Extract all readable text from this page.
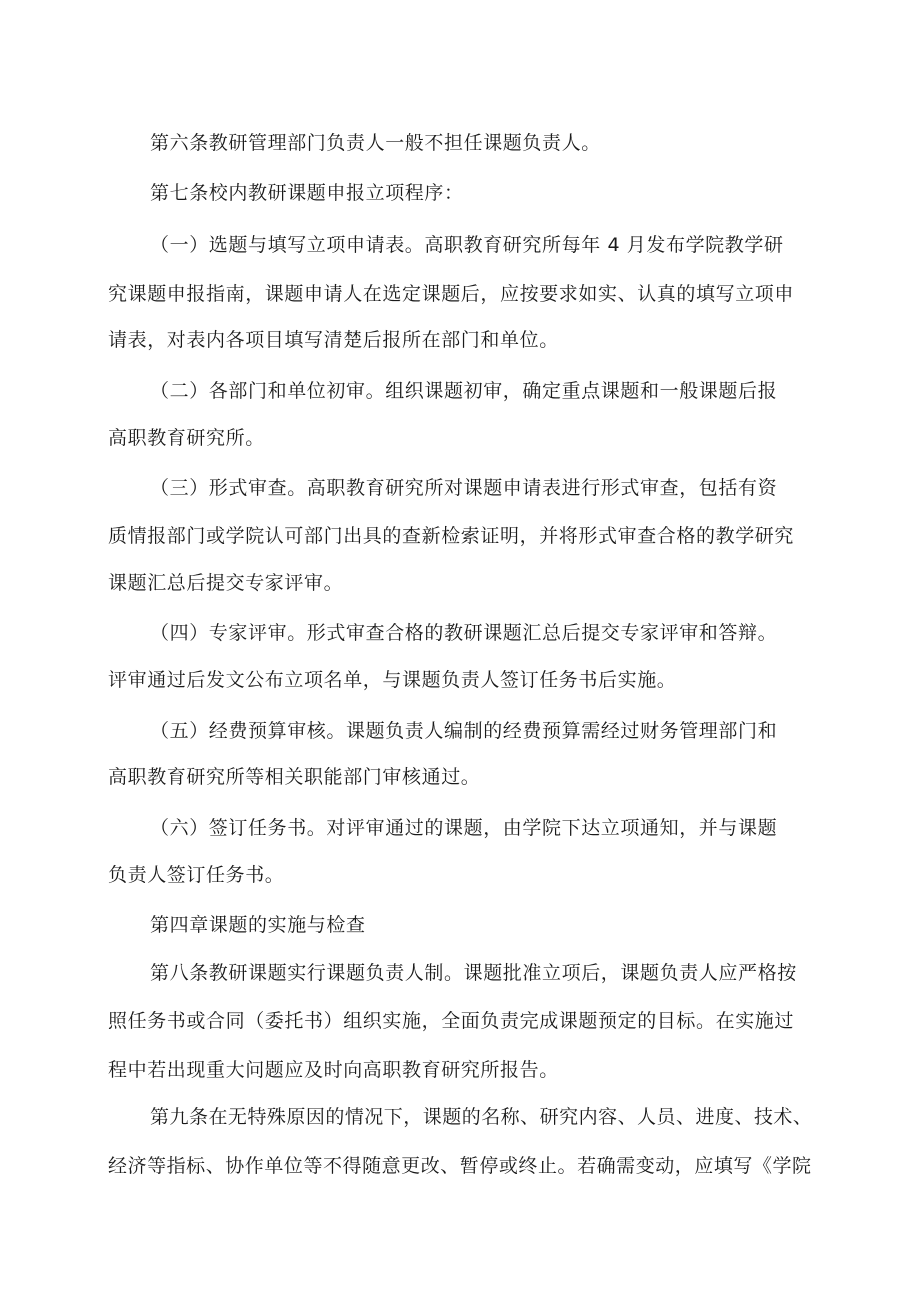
第六条教研管理部门负责人一般不担任课题负责人。
第七条校内教研课题申报立项程序：
（一）选题与填写立项申请表。高职教育研究所每年 4 月发布学院教学研
究课题申报指南，课题申请人在选定课题后，应按要求如实、认真的填写立项申
请表，对表内各项目填写清楚后报所在部门和单位。
（二）各部门和单位初审。组织课题初审，确定重点课题和一般课题后报
高职教育研究所。
（三）形式审查。高职教育研究所对课题申请表进行形式审查，包括有资
质情报部门或学院认可部门出具的查新检索证明，并将形式审查合格的教学研究
课题汇总后提交专家评审。
（四）专家评审。形式审查合格的教研课题汇总后提交专家评审和答辩。
评审通过后发文公布立项名单，与课题负责人签订任务书后实施。
（五）经费预算审核。课题负责人编制的经费预算需经过财务管理部门和
高职教育研究所等相关职能部门审核通过。
（六）签订任务书。对评审通过的课题，由学院下达立项通知，并与课题
负责人签订任务书。
第四章课题的实施与检查
第八条教研课题实行课题负责人制。课题批准立项后，课题负责人应严格按
照任务书或合同（委托书）组织实施，全面负责完成课题预定的目标。在实施过
程中若出现重大问题应及时向高职教育研究所报告。
第九条在无特殊原因的情况下，课题的名称、研究内容、人员、进度、技术、
经济等指标、协作单位等不得随意更改、暂停或终止。若确需变动，应填写《学院
